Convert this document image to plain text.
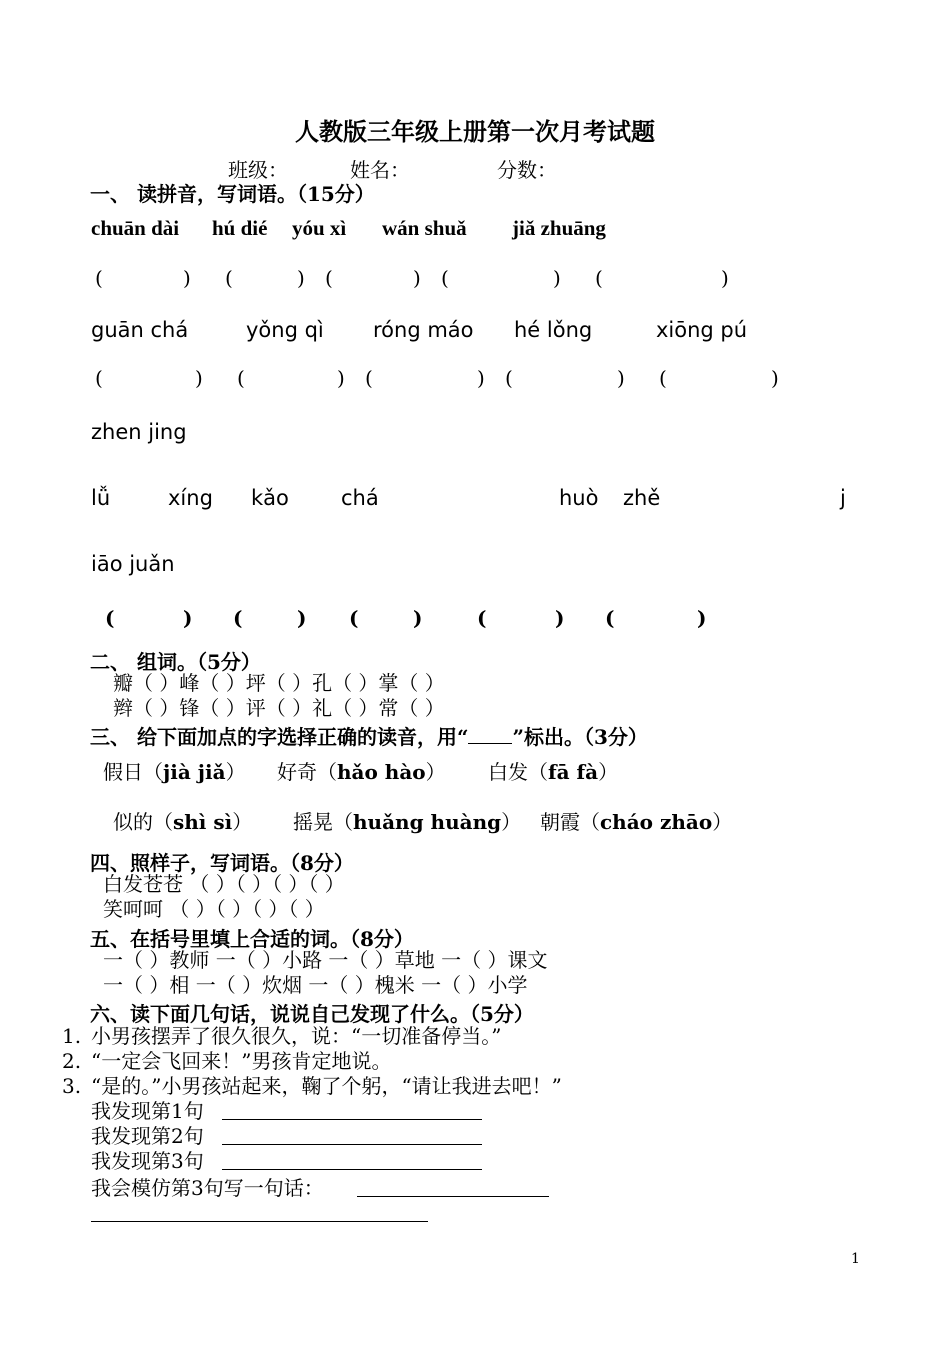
人教版三年级上册第一次月考试题
班级：	姓名：	分数：
一、 读拼音，写词语。（15分）
chuān dài hú dié yóu xì wán shuǎ jiǎ zhuāng
(	) (	) (	) (	) (	)
guān chá	yǒng qì róng máo hé lǒng	xiōng pú
(	) (	) (	) (	) (	)
zhen jing
lǚ	xíng kǎo chá	huò zhě	j
iāo juǎn
(	) (	) (	)	(	) (	)
二、 组词。（5分）
瓣（ ）峰（ ）坪（ ）孔（ ）掌（ ）
辫（ ）锋（ ）评（ ）礼（ ）常（ ）
三、 给下面加点的字选择正确的读音，用“ ”标出。（3分）
假日（jià jiǎ） 好奇（hǎo hào） 白发（fā fà）
似的（shì sì） 摇晃（huǎng huàng） 朝霞（cháo zhāo）
四、照样子，写词语。（8分）
白发苍苍 （ ）（ ）（ ）（ ）
笑呵呵 （ ）（ ）（ ）（ ）
五、在括号里填上合适的词。（8分）
一（ ）教师 一（ ）小路 一（ ）草地 一（ ）课文
一（ ）相 一（ ）炊烟 一（ ）槐米 一（ ）小学
六、读下面几句话，说说自己发现了什么。（5分）
1. 小男孩摆弄了很久很久，说：“一切准备停当。”
2. “一定会飞回来！”男孩肯定地说。
3. “是的。”小男孩站起来，鞠了个躬，“请让我进去吧！”
我发现第1句
我发现第2句
我发现第3句
我会模仿第3句写一句话：
1
